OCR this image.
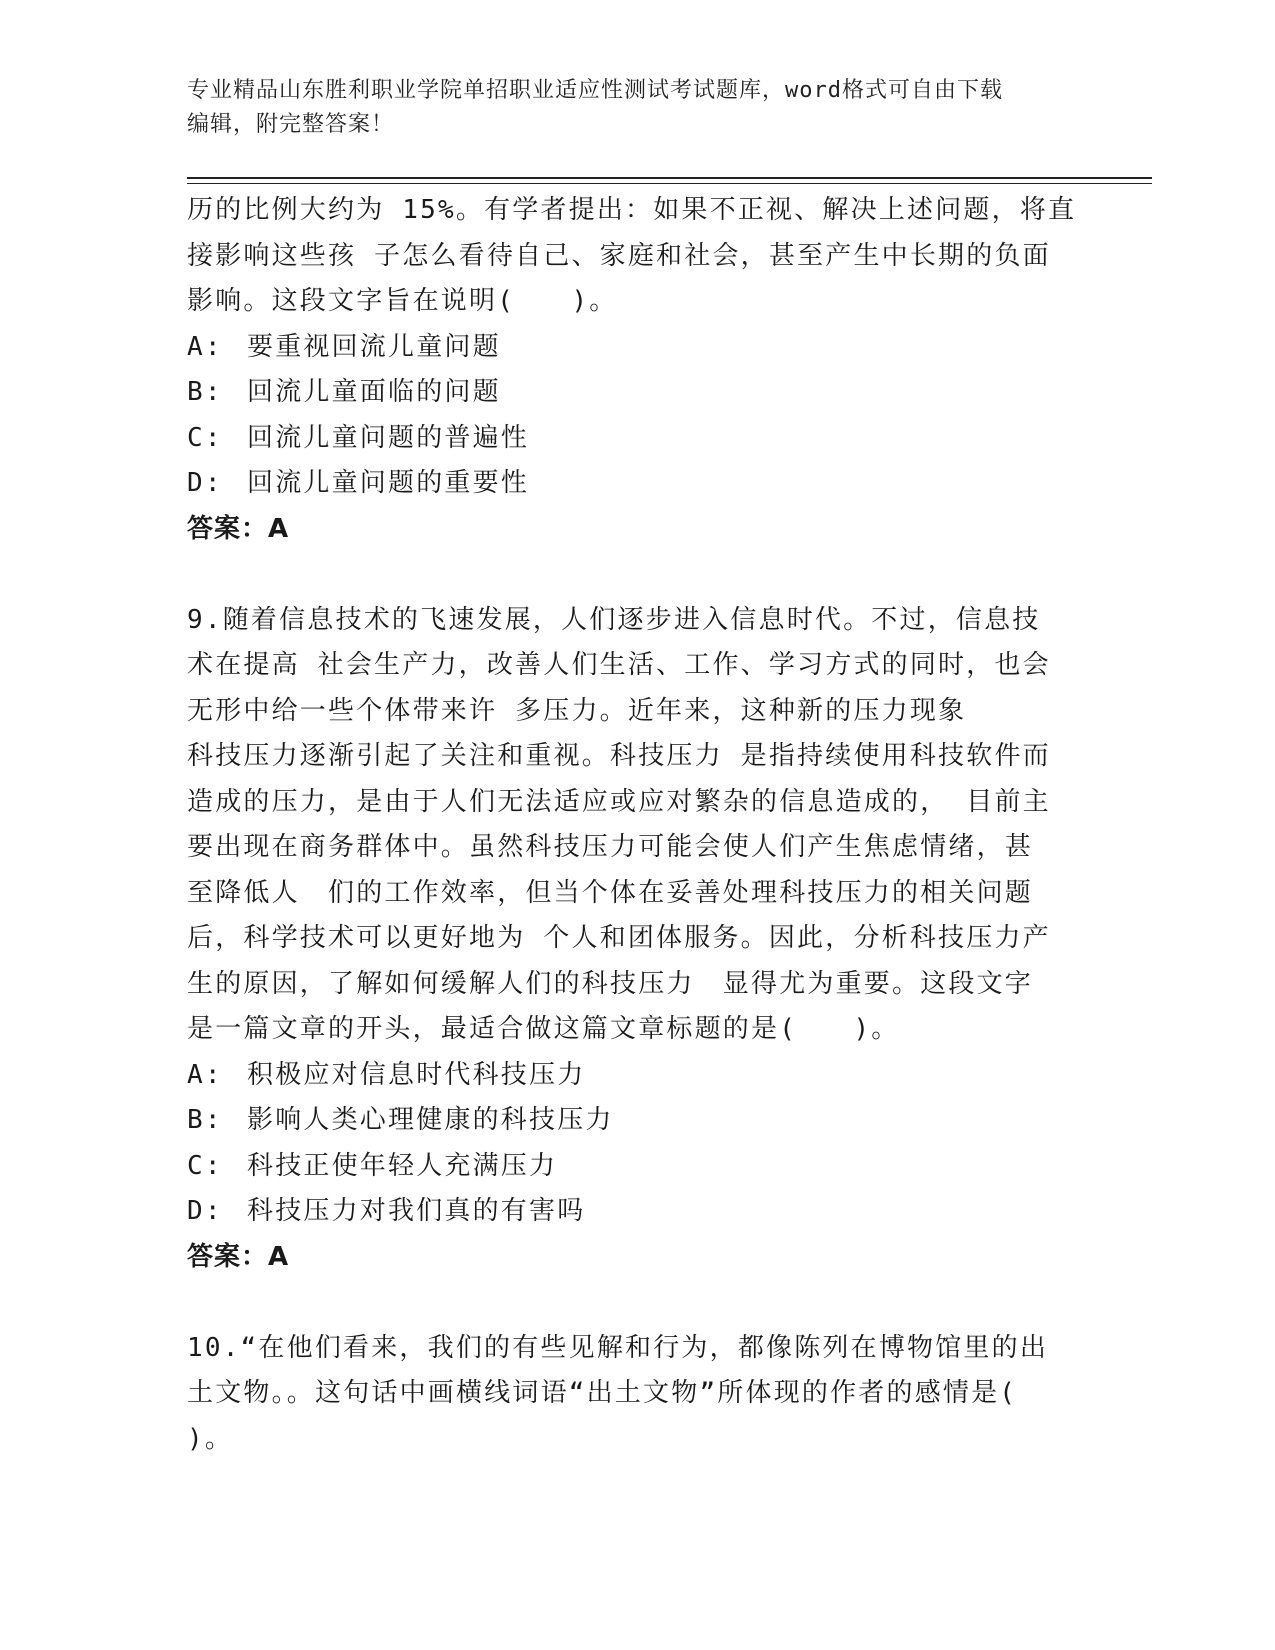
专业精品山东胜利职业学院单招职业适应性测试考试题库，word格式可自由下载
编辑，附完整答案！
历的比例大约为 15%。有学者提出：如果不正视、解决上述问题，将直
接影响这些孩 子怎么看待自己、家庭和社会，甚至产生中长期的负面
影响。这段文字旨在说明(　　)。
A: 要重视回流儿童问题
B: 回流儿童面临的问题
C: 回流儿童问题的普遍性
D: 回流儿童问题的重要性
答案：A
9.随着信息技术的飞速发展，人们逐步进入信息时代。不过，信息技
术在提高 社会生产力，改善人们生活、工作、学习方式的同时，也会
无形中给一些个体带来许 多压力。近年来，这种新的压力现象
科技压力逐渐引起了关注和重视。科技压力 是指持续使用科技软件而
造成的压力，是由于人们无法适应或应对繁杂的信息造成的， 目前主
要出现在商务群体中。虽然科技压力可能会使人们产生焦虑情绪，甚
至降低人　们的工作效率，但当个体在妥善处理科技压力的相关问题
后，科学技术可以更好地为 个人和团体服务。因此，分析科技压力产
生的原因，了解如何缓解人们的科技压力　显得尤为重要。这段文字
是一篇文章的开头，最适合做这篇文章标题的是(　　)。
A: 积极应对信息时代科技压力
B: 影响人类心理健康的科技压力
C: 科技正使年轻人充满压力
D: 科技压力对我们真的有害吗
答案：A
10.“在他们看来，我们的有些见解和行为，都像陈列在博物馆里的出
土文物。。这句话中画横线词语“出土文物”所体现的作者的感情是(
)。
